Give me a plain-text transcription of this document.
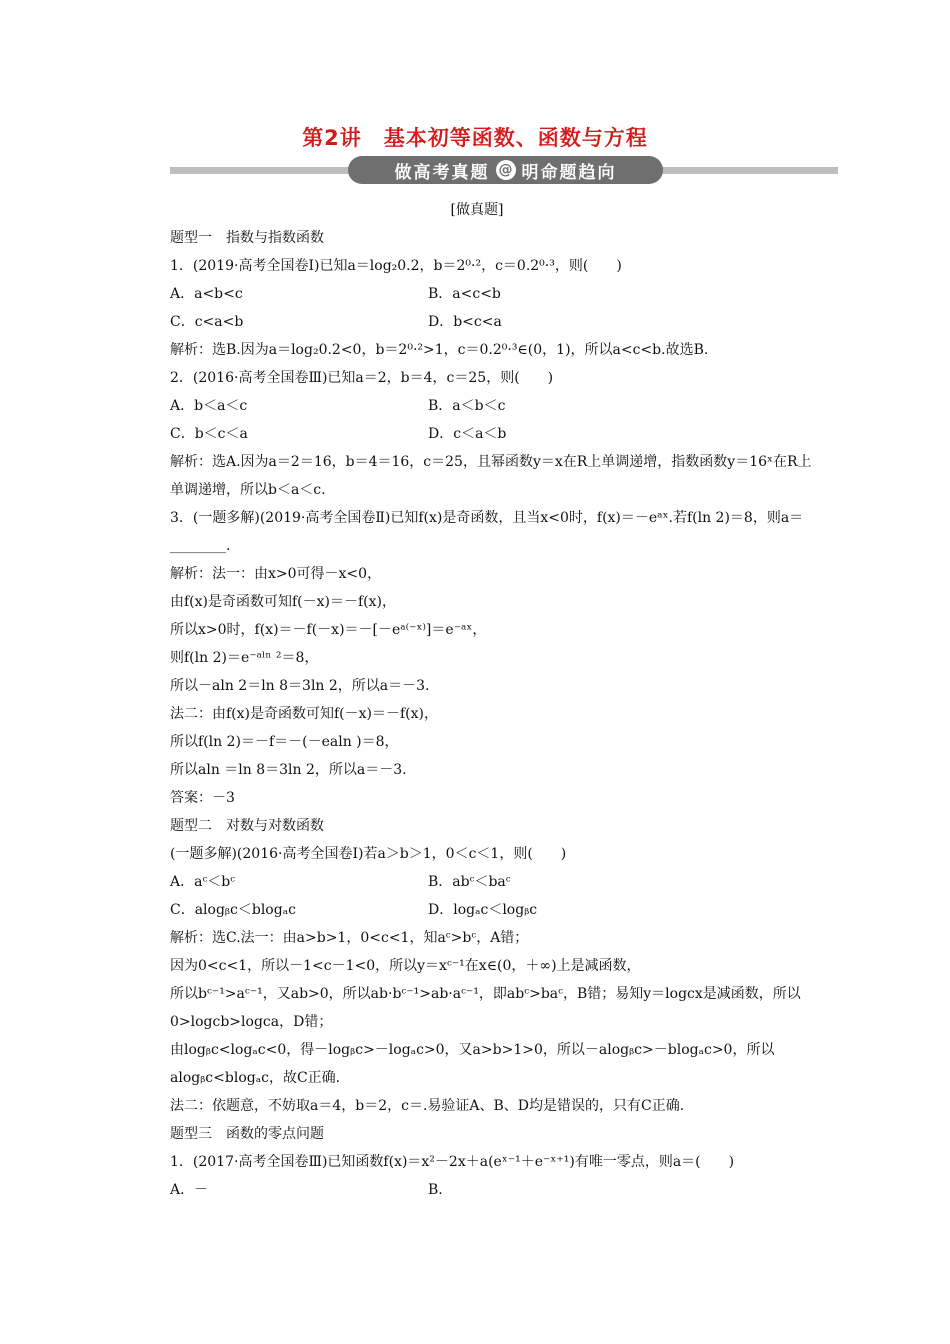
第2讲　基本初等函数、函数与方程
做高考真题 @ 明命题趋向
[做真题]
题型一　指数与指数函数
1．(2019·高考全国卷Ⅰ)已知a＝log₂0.2，b＝2⁰·²，c＝0.2⁰·³，则(　　)
A．a<b<c	B．a<c<b
C．c<a<b	D．b<c<a
解析：选B.因为a＝log₂0.2<0，b＝2⁰·²>1，c＝0.2⁰·³∈(0，1)，所以a<c<b.故选B.
2．(2016·高考全国卷Ⅲ)已知a＝2，b＝4，c＝25，则(　　)
A．b＜a＜c	B．a＜b＜c
C．b＜c＜a	D．c＜a＜b
解析：选A.因为a＝2＝16，b＝4＝16，c＝25，且幂函数y＝x在R上单调递增，指数函数y＝16ˣ在R上单调递增，所以b＜a＜c.
3．(一题多解)(2019·高考全国卷Ⅱ)已知f(x)是奇函数，且当x<0时，f(x)＝－eᵃˣ.若f(ln 2)＝8，则a＝________.
解析：法一：由x>0可得－x<0，
由f(x)是奇函数可知f(－x)＝－f(x)，
所以x>0时，f(x)＝－f(－x)＝－[－eᵃ⁽⁻ˣ⁾]＝e⁻ᵃˣ，
则f(ln 2)＝e⁻ᵃˡⁿ ²＝8，
所以－aln 2＝ln 8＝3ln 2，所以a＝－3.
法二：由f(x)是奇函数可知f(－x)＝－f(x)，
所以f(ln 2)＝－f＝－(－ealn )＝8，
所以aln ＝ln 8＝3ln 2，所以a＝－3.
答案：－3
题型二　对数与对数函数
(一题多解)(2016·高考全国卷Ⅰ)若a＞b＞1，0＜c＜1，则(　　)
A．aᶜ＜bᶜ	B．abᶜ＜baᶜ
C．alogᵦc＜blogₐc	D．logₐc＜logᵦc
解析：选C.法一：由a>b>1，0<c<1，知aᶜ>bᶜ，A错；
因为0<c<1，所以－1<c－1<0，所以y＝xᶜ⁻¹在x∈(0，＋∞)上是减函数，
所以bᶜ⁻¹>aᶜ⁻¹，又ab>0，所以ab·bᶜ⁻¹>ab·aᶜ⁻¹，即abᶜ>baᶜ，B错；易知y＝logcx是减函数，所以0>logcb>logca，D错；
由logᵦc<logₐc<0，得－logᵦc>－logₐc>0，又a>b>1>0，所以－alogᵦc>－blogₐc>0，所以alogᵦc<blogₐc，故C正确.
法二：依题意，不妨取a＝4，b＝2，c＝.易验证A、B、D均是错误的，只有C正确.
题型三　函数的零点问题
1．(2017·高考全国卷Ⅲ)已知函数f(x)＝x²－2x＋a(eˣ⁻¹＋e⁻ˣ⁺¹)有唯一零点，则a＝(　　)
A．－	B.
